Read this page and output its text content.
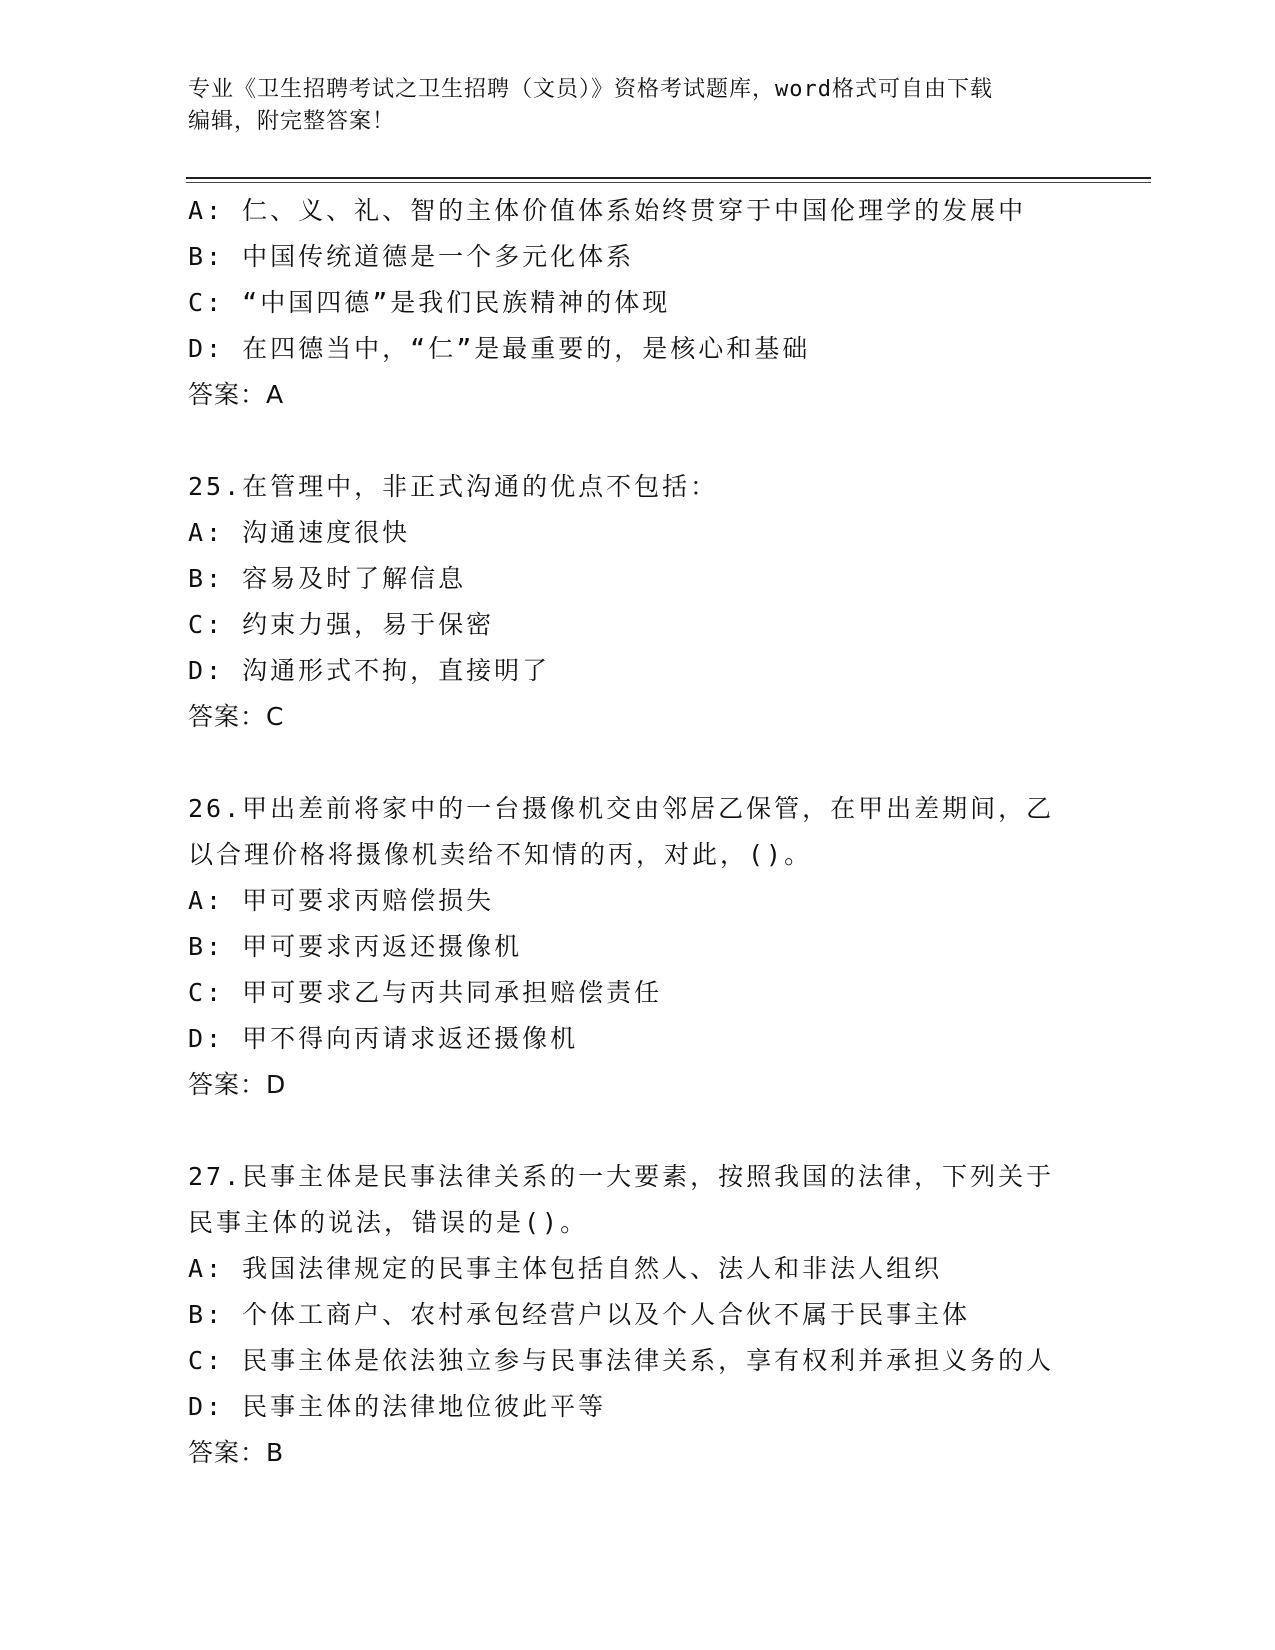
专业《卫生招聘考试之卫生招聘（文员）》资格考试题库，word格式可自由下载
编辑，附完整答案！
A: 仁、义、礼、智的主体价值体系始终贯穿于中国伦理学的发展中
B: 中国传统道德是一个多元化体系
C: “中国四德”是我们民族精神的体现
D: 在四德当中，“仁”是最重要的，是核心和基础
答案：A
25.在管理中，非正式沟通的优点不包括：
A: 沟通速度很快
B: 容易及时了解信息
C: 约束力强，易于保密
D: 沟通形式不拘，直接明了
答案：C
26.甲出差前将家中的一台摄像机交由邻居乙保管，在甲出差期间，乙
以合理价格将摄像机卖给不知情的丙，对此，()。
A: 甲可要求丙赔偿损失
B: 甲可要求丙返还摄像机
C: 甲可要求乙与丙共同承担赔偿责任
D: 甲不得向丙请求返还摄像机
答案：D
27.民事主体是民事法律关系的一大要素，按照我国的法律，下列关于
民事主体的说法，错误的是()。
A: 我国法律规定的民事主体包括自然人、法人和非法人组织
B: 个体工商户、农村承包经营户以及个人合伙不属于民事主体
C: 民事主体是依法独立参与民事法律关系，享有权利并承担义务的人
D: 民事主体的法律地位彼此平等
答案：B
